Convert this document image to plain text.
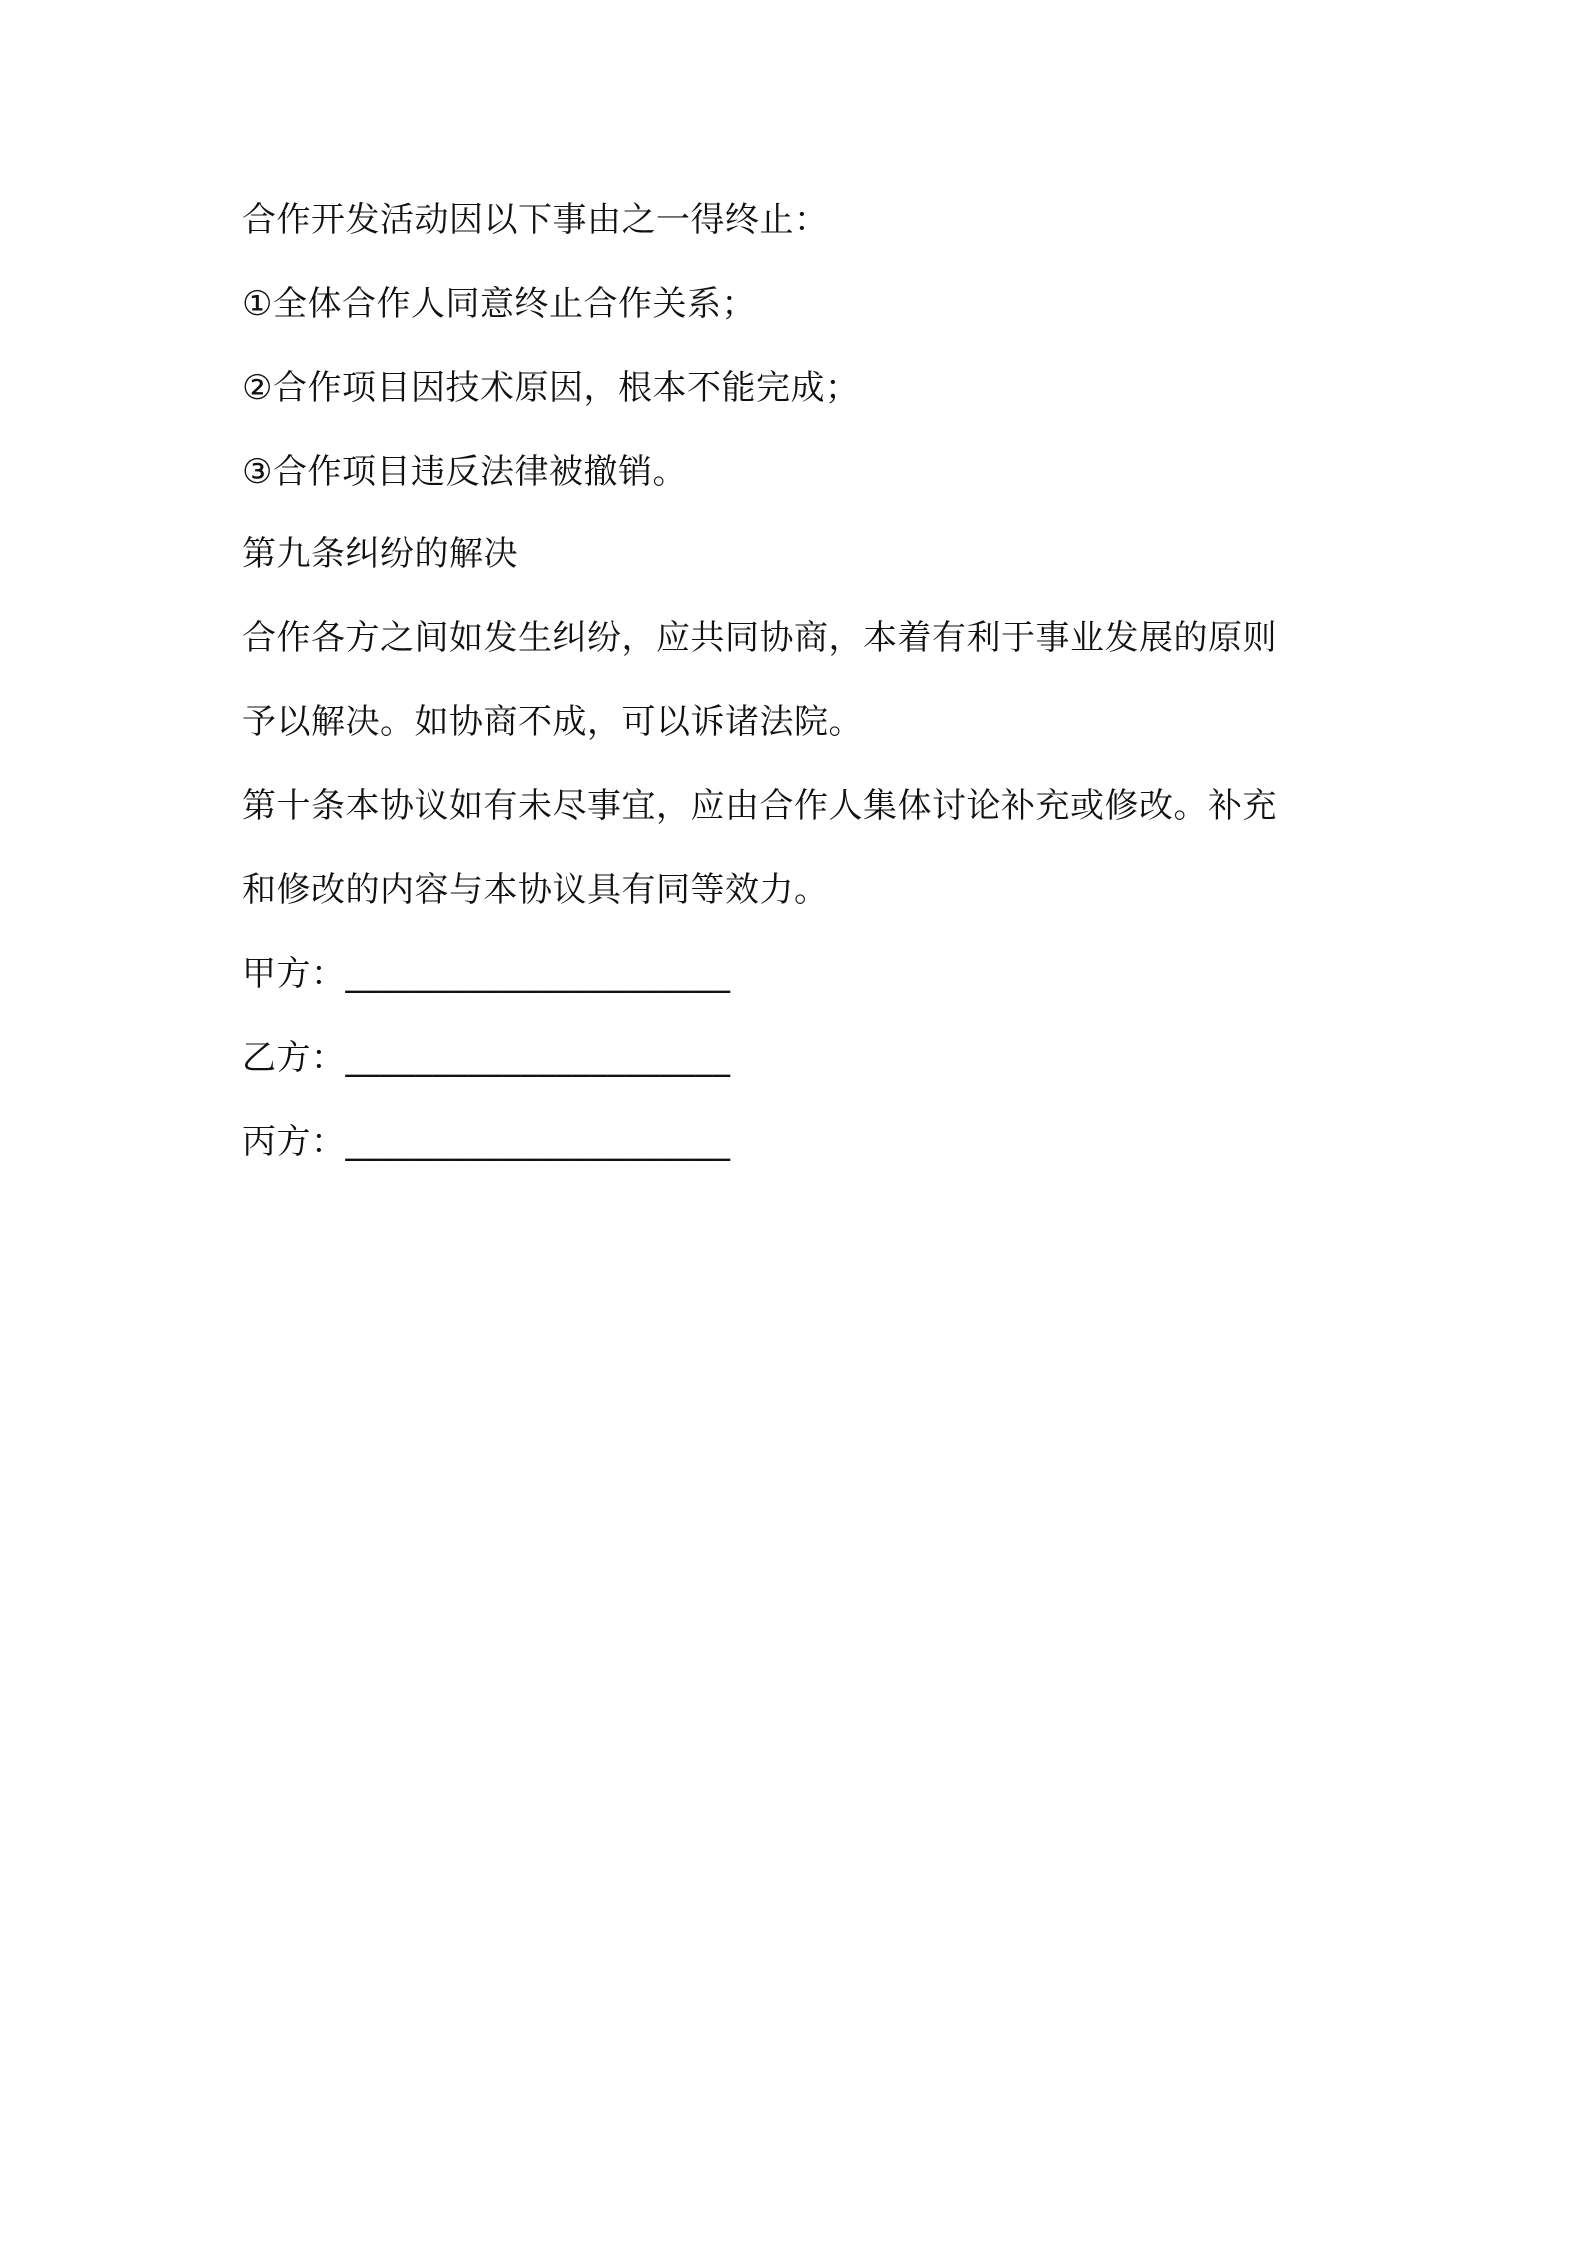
合作开发活动因以下事由之一得终止：

①全体合作人同意终止合作关系；

②合作项目因技术原因，根本不能完成；

③合作项目违反法律被撤销。

第九条纠纷的解决

合作各方之间如发生纠纷，应共同协商，本着有利于事业发展的原则

予以解决。如协商不成，可以诉诸法院。

第十条本协议如有未尽事宜，应由合作人集体讨论补充或修改。补充

和修改的内容与本协议具有同等效力。

甲方：______________________

乙方：______________________

丙方：______________________
